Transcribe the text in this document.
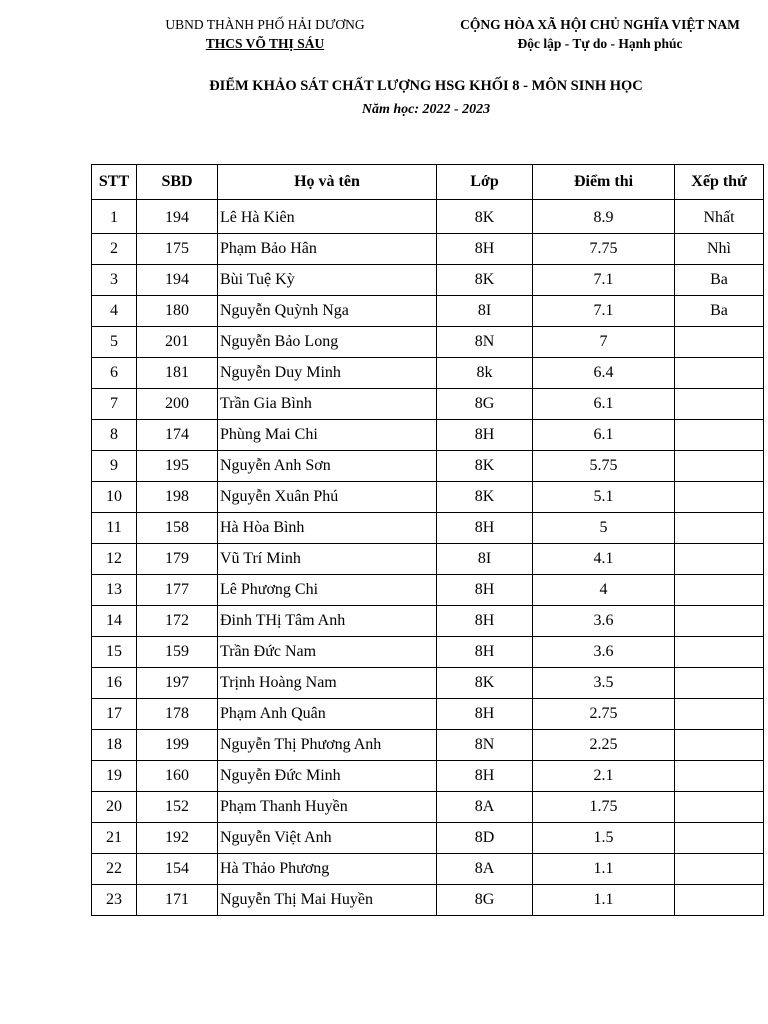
UBND THÀNH PHỐ HẢI DƯƠNG
THCS VÕ THỊ SÁU
CỘNG HÒA XÃ HỘI CHỦ NGHĨA VIỆT NAM
Độc lập - Tự do - Hạnh phúc
ĐIỂM KHẢO SÁT CHẤT LƯỢNG HSG KHỐI 8 - MÔN SINH HỌC
Năm học: 2022 - 2023
STT	SBD	Họ và tên	Lớp	Điểm thi	Xếp thứ
1	194	Lê Hà Kiên	8K	8.9	Nhất
2	175	Phạm Bảo Hân	8H	7.75	Nhì
3	194	Bùi Tuệ Kỳ	8K	7.1	Ba
4	180	Nguyễn Quỳnh Nga	8I	7.1	Ba
5	201	Nguyễn Bảo Long	8N	7	
6	181	Nguyễn Duy Minh	8k	6.4	
7	200	Trần Gia Bình	8G	6.1	
8	174	Phùng Mai Chi	8H	6.1	
9	195	Nguyễn Anh Sơn	8K	5.75	
10	198	Nguyễn Xuân Phú	8K	5.1	
11	158	Hà Hòa Bình	8H	5	
12	179	Vũ Trí Minh	8I	4.1	
13	177	Lê Phương Chi	8H	4	
14	172	Đinh THị Tâm Anh	8H	3.6	
15	159	Trần Đức Nam	8H	3.6	
16	197	Trịnh Hoàng Nam	8K	3.5	
17	178	Phạm Anh Quân	8H	2.75	
18	199	Nguyễn Thị Phương Anh	8N	2.25	
19	160	Nguyễn Đức Minh	8H	2.1	
20	152	Phạm Thanh Huyền	8A	1.75	
21	192	Nguyễn Việt Anh	8D	1.5	
22	154	Hà Thảo Phương	8A	1.1	
23	171	Nguyễn Thị Mai Huyền	8G	1.1	
